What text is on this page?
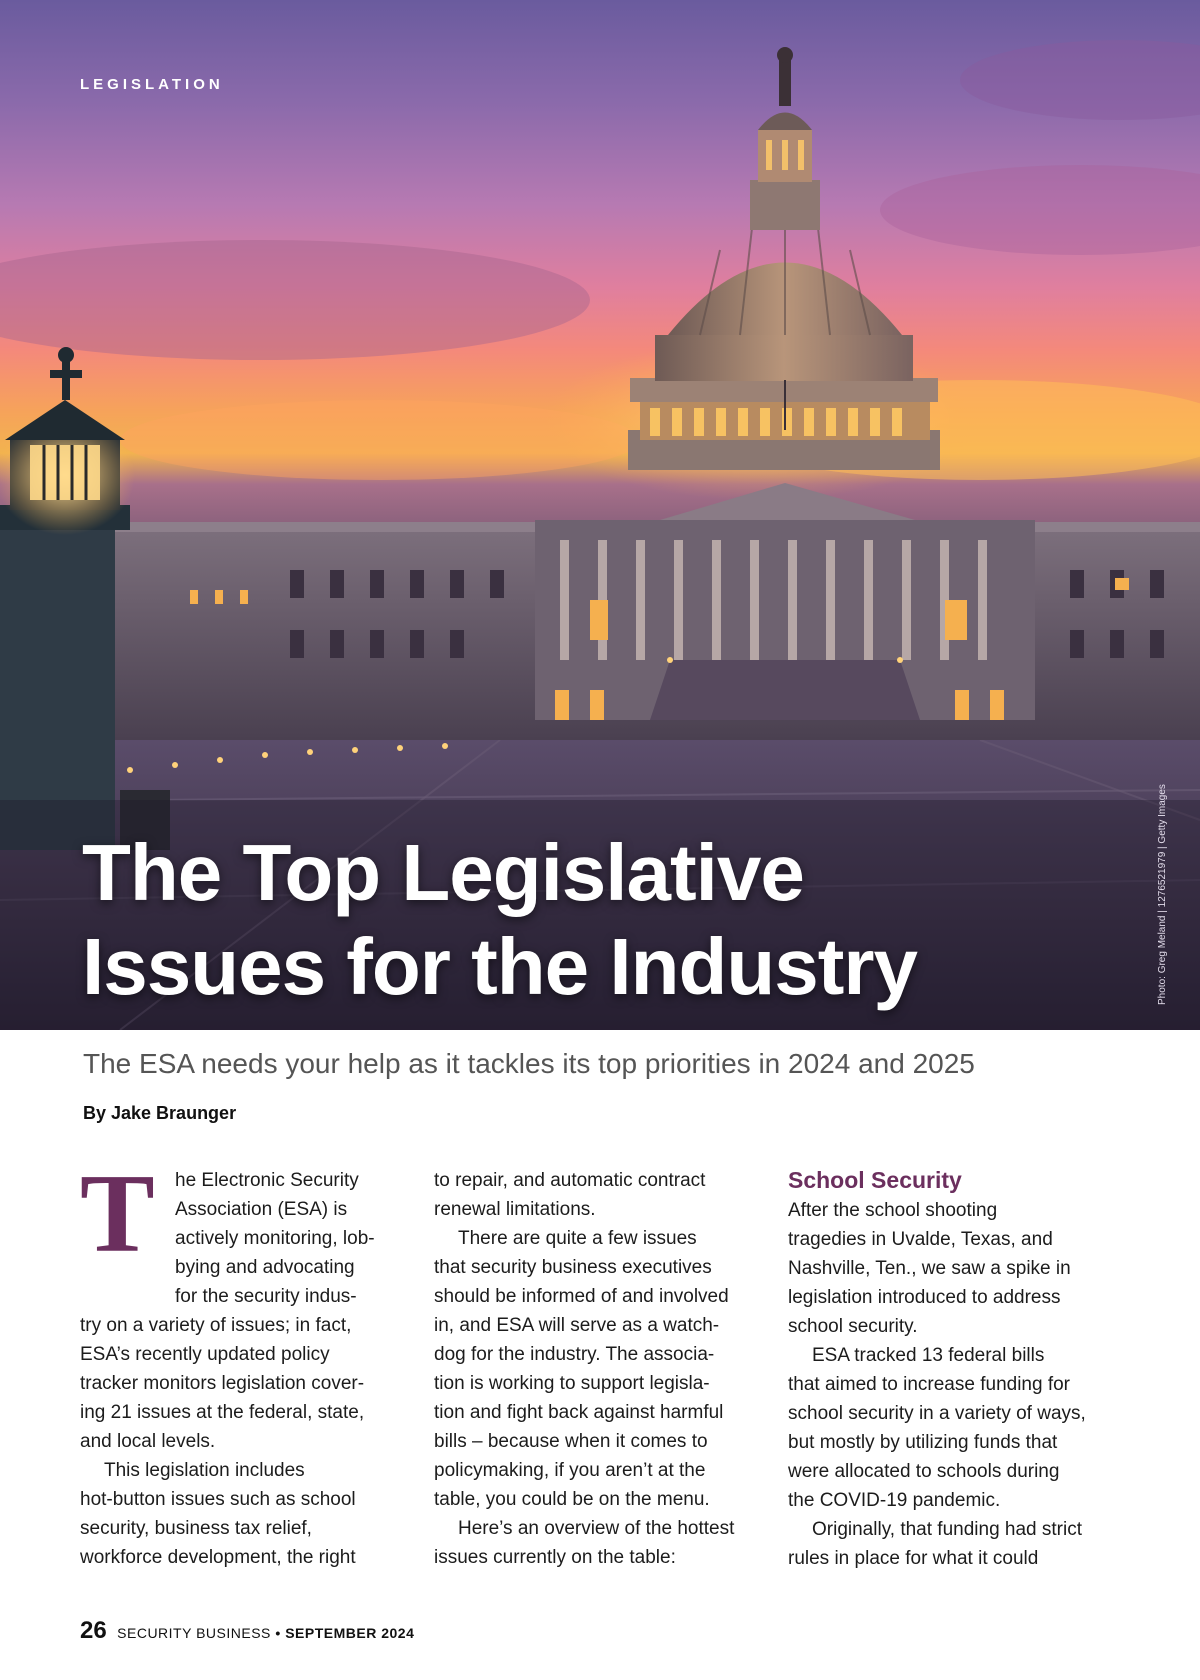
LEGISLATION
Photo: Greg Meland | 1276521979 | Getty Images
The Top Legislative
Issues for the Industry
The ESA needs your help as it tackles its top priorities in 2024 and 2025
By Jake Braunger
T	he Electronic Security

Association (ESA) is

actively monitoring, lob-

bying and advocating

for the security indus-

try on a variety of issues; in fact,

ESA’s recently updated policy

tracker monitors legislation cover-

ing 21 issues at the federal, state,

and local levels.

This legislation includes

hot-button issues such as school

security, business tax relief,

workforce development, the right

to repair, and automatic contract

renewal limitations.

There are quite a few issues

that security business executives

should be informed of and involved

in, and ESA will serve as a watch-

dog for the industry. The associa-

tion is working to support legisla-

tion and fight back against harmful

bills – because when it comes to

policymaking, if you aren’t at the

table, you could be on the menu.

Here’s an overview of the hottest

issues currently on the table:

School Security

After the school shooting

tragedies in Uvalde, Texas, and

Nashville, Ten., we saw a spike in

legislation introduced to address

school security.

ESA tracked 13 federal bills

that aimed to increase funding for

school security in a variety of ways,

but mostly by utilizing funds that

were allocated to schools during

the COVID-19 pandemic.

Originally, that funding had strict

rules in place for what it could

26 SECURITY BUSINESS • SEPTEMBER 2024
